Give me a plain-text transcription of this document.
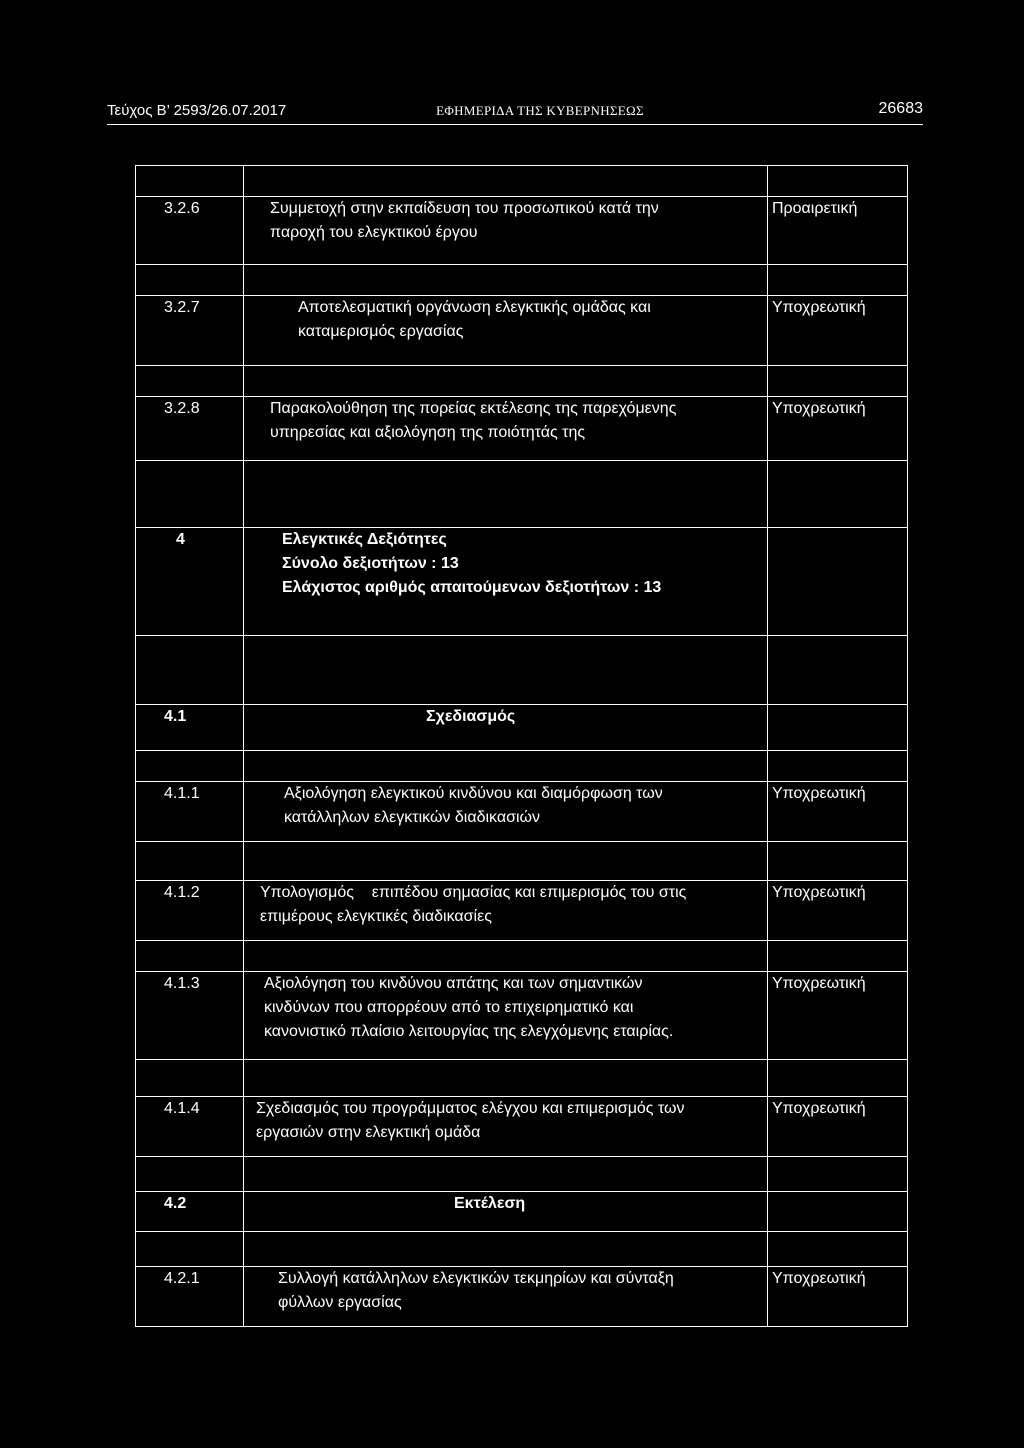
Τεύχος Β’ 2593/26.07.2017	ΕΦΗΜΕΡΙΔΑ ΤΗΣ ΚΥΒΕΡΝΗΣΕΩΣ	26683

3.2.6	Συμμετοχή στην εκπαίδευση του προσωπικού κατά την
παροχή του ελεγκτικού έργου	Προαιρετική

3.2.7	Αποτελεσματική οργάνωση ελεγκτικής ομάδας και
καταμερισμός εργασίας	Υποχρεωτική

3.2.8	Παρακολούθηση της πορείας εκτέλεσης της παρεχόμενης
υπηρεσίας και αξιολόγηση της ποιότητάς της	Υποχρεωτική

4	Ελεγκτικές Δεξιότητες
Σύνολο δεξιοτήτων : 13
Ελάχιστος αριθμός απαιτούμενων δεξιοτήτων : 13	

4.1	Σχεδιασμός	

4.1.1	Αξιολόγηση ελεγκτικού κινδύνου και διαμόρφωση των
κατάλληλων ελεγκτικών διαδικασιών	Υποχρεωτική

4.1.2	Υπολογισμός    επιπέδου σημασίας και επιμερισμός του στις
επιμέρους ελεγκτικές διαδικασίες	Υποχρεωτική

4.1.3	Αξιολόγηση του κινδύνου απάτης και των σημαντικών
κινδύνων που απορρέουν από το επιχειρηματικό και
κανονιστικό πλαίσιο λειτουργίας της ελεγχόμενης εταιρίας.	Υποχρεωτική

4.1.4	Σχεδιασμός του προγράμματος ελέγχου και επιμερισμός των
εργασιών στην ελεγκτική ομάδα	Υποχρεωτική

4.2	Εκτέλεση	

4.2.1	Συλλογή κατάλληλων ελεγκτικών τεκμηρίων και σύνταξη
φύλλων εργασίας	Υποχρεωτική
